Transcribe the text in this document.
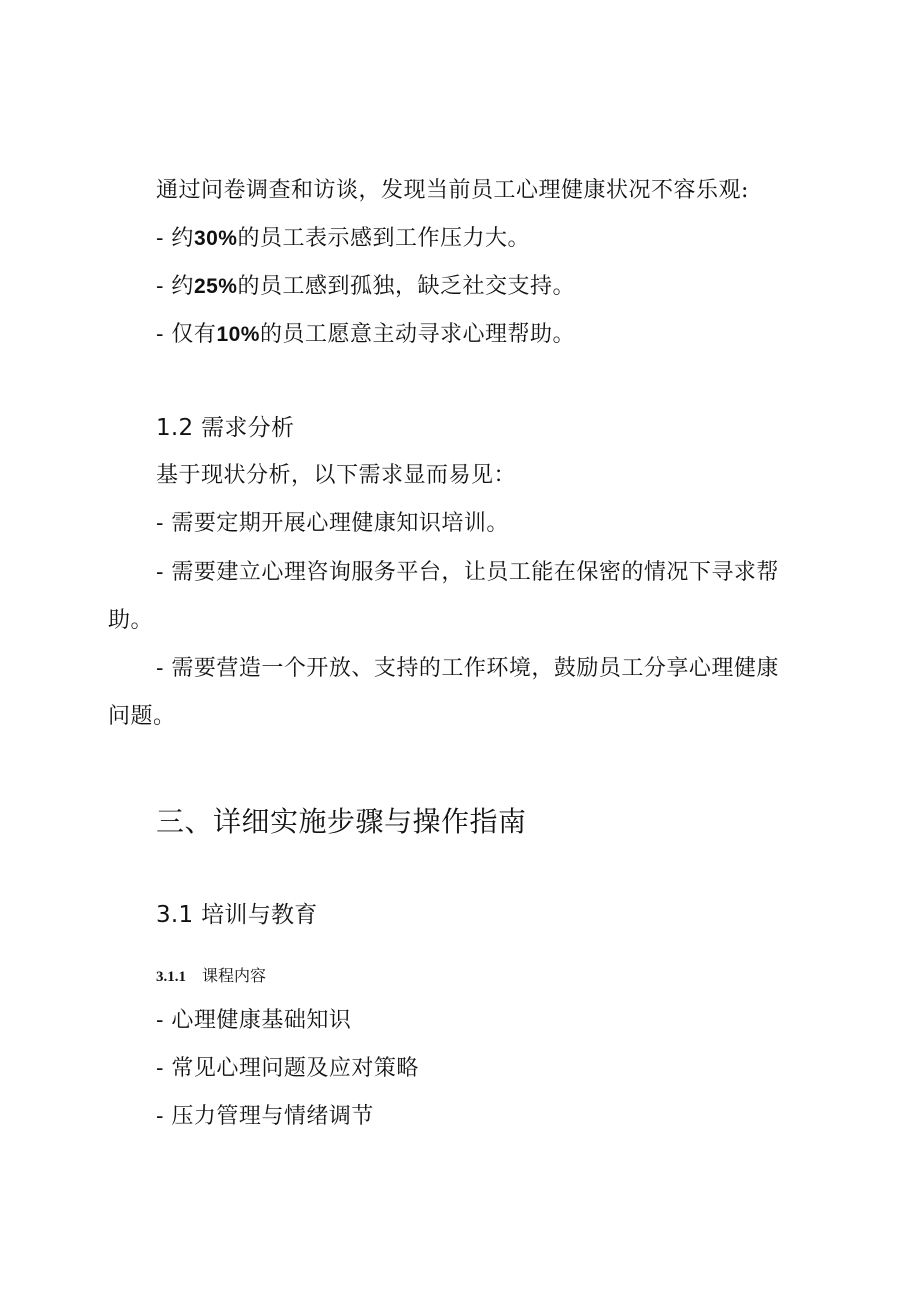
通过问卷调查和访谈，发现当前员工心理健康状况不容乐观:
- 约30%的员工表示感到工作压力大。
- 约25%的员工感到孤独，缺乏社交支持。
- 仅有10%的员工愿意主动寻求心理帮助。
1.2 需求分析
基于现状分析，以下需求显而易见：
- 需要定期开展心理健康知识培训。
- 需要建立心理咨询服务平台，让员工能在保密的情况下寻求帮
助。
- 需要营造一个开放、支持的工作环境，鼓励员工分享心理健康
问题。
三、详细实施步骤与操作指南
3.1 培训与教育
3.1.1 课程内容
- 心理健康基础知识
- 常见心理问题及应对策略
- 压力管理与情绪调节
